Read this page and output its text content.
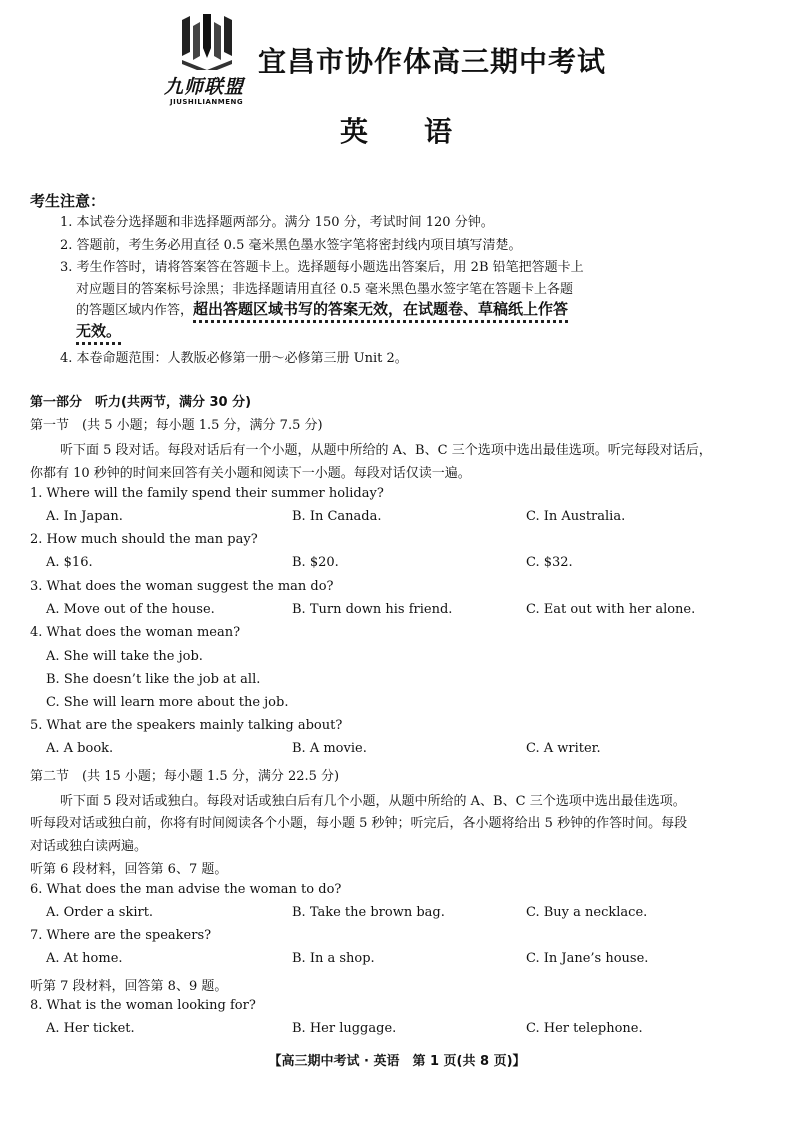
九师联盟
JIUSHILIANMENG
宜昌市协作体高三期中考试
英语
考生注意：
1. 本试卷分选择题和非选择题两部分。满分 150 分，考试时间 120 分钟。
2. 答题前，考生务必用直径 0.5 毫米黑色墨水签字笔将密封线内项目填写清楚。
3. 考生作答时，请将答案答在答题卡上。选择题每小题选出答案后，用 2B 铅笔把答题卡上
对应题目的答案标号涂黑；非选择题请用直径 0.5 毫米黑色墨水签字笔在答题卡上各题
的答题区域内作答，超出答题区域书写的答案无效，在试题卷、草稿纸上作答
无效。
4. 本卷命题范围：人教版必修第一册～必修第三册 Unit 2。
第一部分　听力(共两节，满分 30 分)
第一节　(共 5 小题；每小题 1.5 分，满分 7.5 分)
听下面 5 段对话。每段对话后有一个小题，从题中所给的 A、B、C 三个选项中选出最佳选项。听完每段对话后，
你都有 10 秒钟的时间来回答有关小题和阅读下一小题。每段对话仅读一遍。
1. Where will the family spend their summer holiday?
A. In Japan.	B. In Canada.	C. In Australia.
2. How much should the man pay?
A. $16.	B. $20.	C. $32.
3. What does the woman suggest the man do?
A. Move out of the house.	B. Turn down his friend.	C. Eat out with her alone.
4. What does the woman mean?
A. She will take the job.
B. She doesn’t like the job at all.
C. She will learn more about the job.
5. What are the speakers mainly talking about?
A. A book.	B. A movie.	C. A writer.
第二节　(共 15 小题；每小题 1.5 分，满分 22.5 分)
听下面 5 段对话或独白。每段对话或独白后有几个小题，从题中所给的 A、B、C 三个选项中选出最佳选项。
听每段对话或独白前，你将有时间阅读各个小题，每小题 5 秒钟；听完后，各小题将给出 5 秒钟的作答时间。每段
对话或独白读两遍。
听第 6 段材料，回答第 6、7 题。
6. What does the man advise the woman to do?
A. Order a skirt.	B. Take the brown bag.	C. Buy a necklace.
7. Where are the speakers?
A. At home.	B. In a shop.	C. In Jane’s house.
听第 7 段材料，回答第 8、9 题。
8. What is the woman looking for?
A. Her ticket.	B. Her luggage.	C. Her telephone.
【高三期中考试 · 英语　第 1 页(共 8 页)】
